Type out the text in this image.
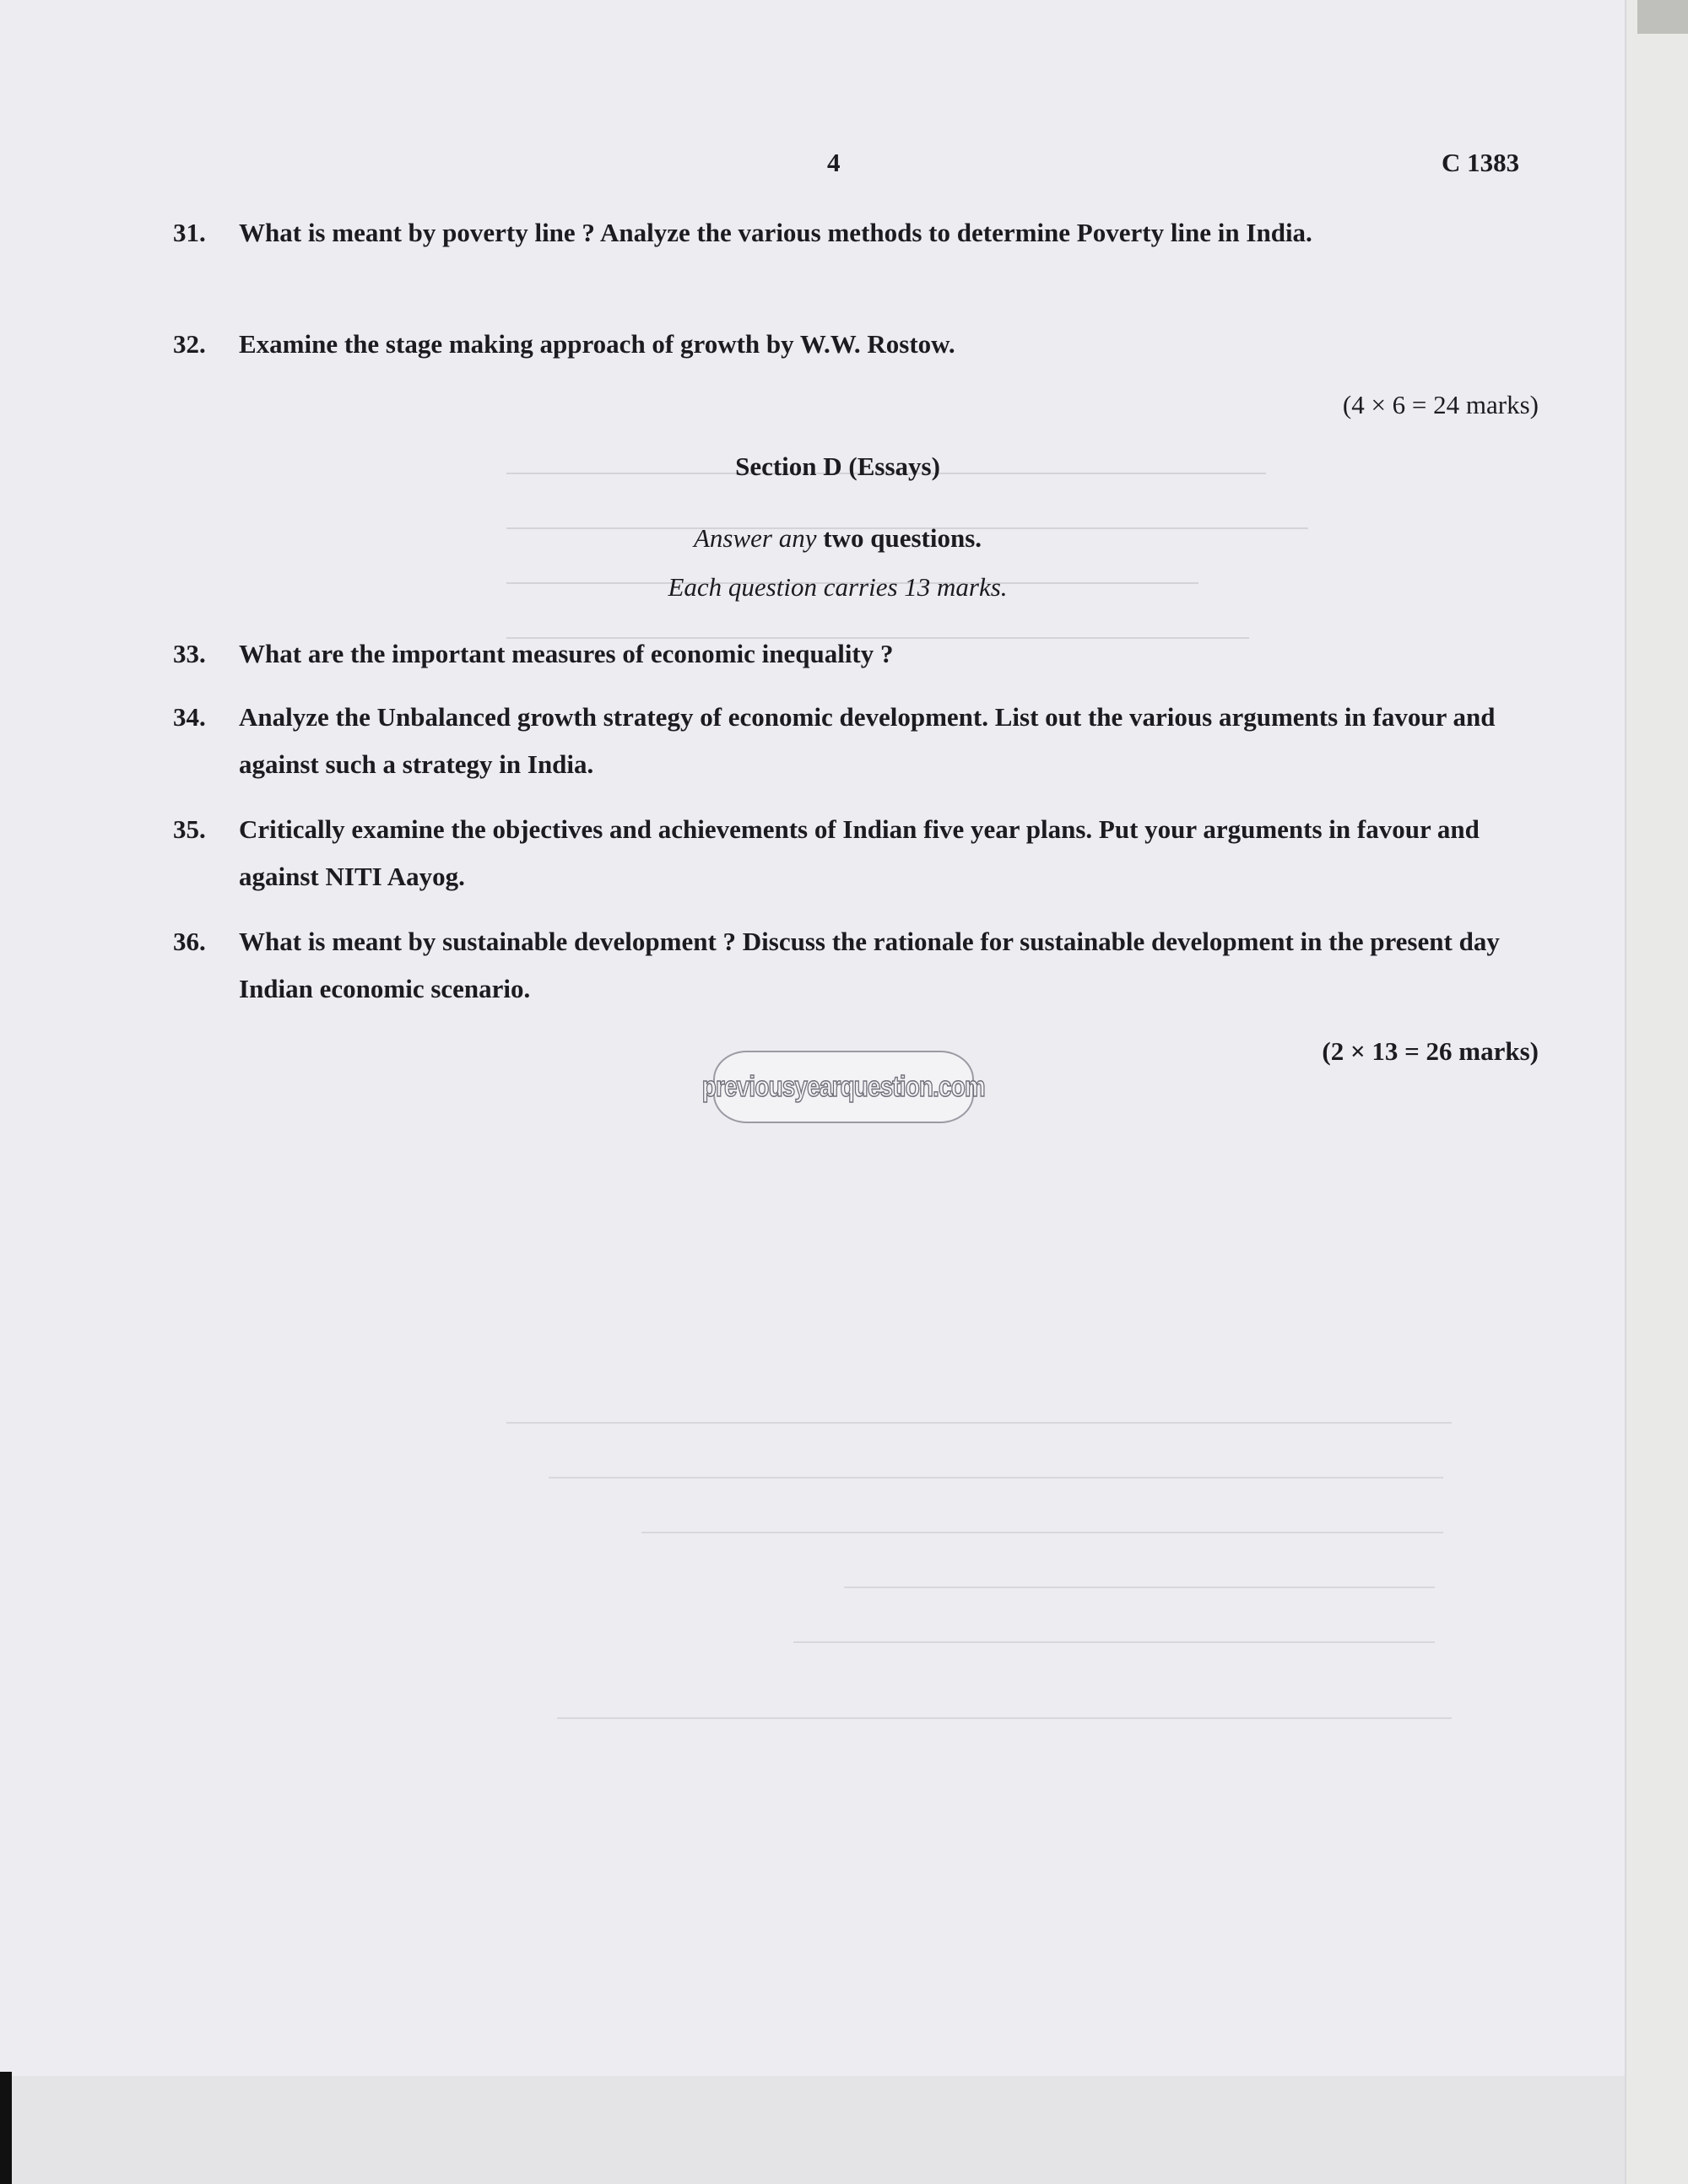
4	C 1383
31. What is meant by poverty line ? Analyze the various methods to determine Poverty line in India.
32. Examine the stage making approach of growth by W.W. Rostow.
(4 × 6 = 24 marks)
Section D (Essays)
Answer any two questions.
Each question carries 13 marks.
33. What are the important measures of economic inequality ?
34. Analyze the Unbalanced growth strategy of economic development. List out the various arguments in favour and against such a strategy in India.
35. Critically examine the objectives and achievements of Indian five year plans. Put your arguments in favour and against NITI Aayog.
36. What is meant by sustainable development ? Discuss the rationale for sustainable development in the present day Indian economic scenario.
(2 × 13 = 26 marks)
previousyearquestion.com
